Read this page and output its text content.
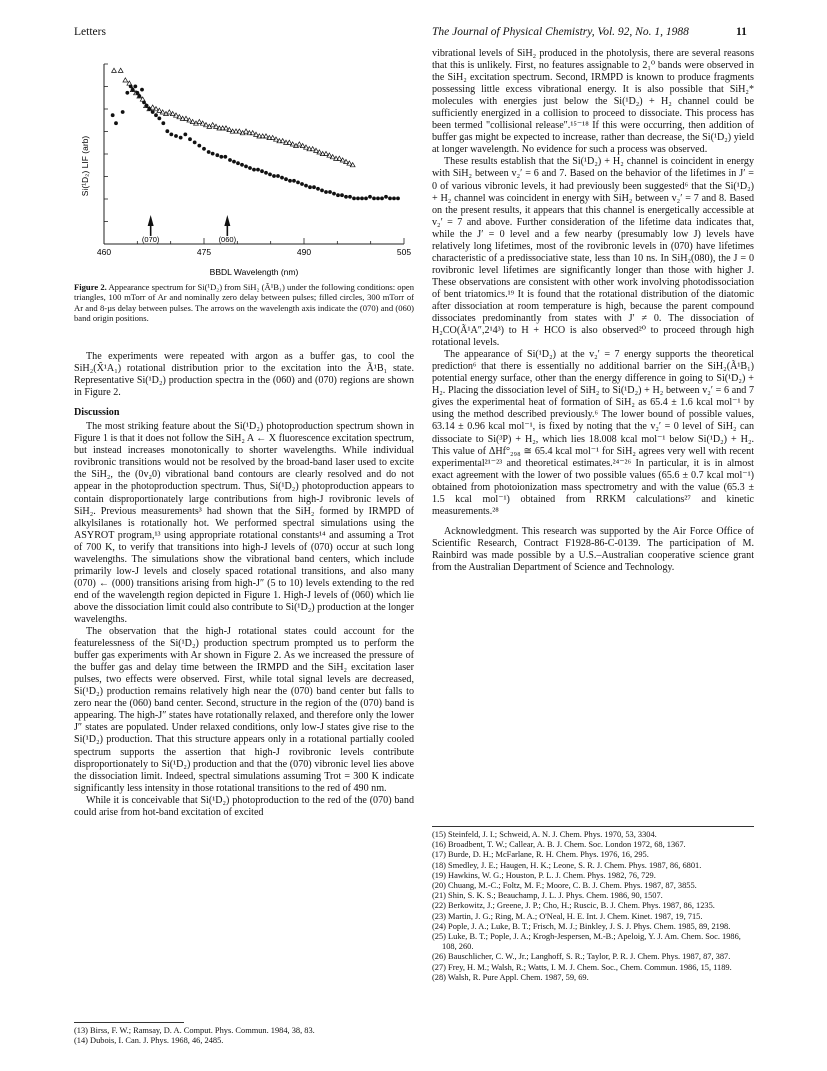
Letters	The Journal of Physical Chemistry, Vol. 92, No. 1, 1988	11
460	475	490	505
(070)	(060)
Si(¹D₂) LIF (arb)
BBDL Wavelength (nm)
Figure 2. Appearance spectrum for Si(¹D₂) from SiH₂ (Ã¹B₁) under the following conditions: open triangles, 100 mTorr of Ar and nominally zero delay between pulses; filled circles, 300 mTorr of Ar and 8-µs delay between pulses. The arrows on the wavelength axis indicate the (070) and (060) band origin positions.

The experiments were repeated with argon as a buffer gas, to cool the SiH₂(X̃¹A₁) rotational distribution prior to the excitation into the Ã¹B₁ state. Representative Si(¹D₂) production spectra in the (060) and (070) regions are shown in Figure 2.

Discussion

The most striking feature about the Si(¹D₂) photoproduction spectrum shown in Figure 1 is that it does not follow the SiH₂ A ← X fluorescence excitation spectrum, but instead increases monotonically to shorter wavelengths. While individual rovibronic transitions would not be resolved by the broad-band laser used to excite the SiH₂, the (0v₂0) vibrational band contours are clearly resolved and do not appear in the photoproduction spectrum. Thus, Si(¹D₂) photoproduction appears to contain disproportionately large contributions from high-J rovibronic levels of SiH₂. Previous measurements³ had shown that the SiH₂ formed by IRMPD of alkylsilanes is rotationally hot. We performed spectral simulations using the ASYROT program,¹³ using appropriate rotational constants¹⁴ and assuming a Trot of 700 K, to verify that transitions into high-J levels of (070) occur at such long wavelengths. The simulations show the vibrational band centers, which include primarily low-J levels and closely spaced rotational transitions, and also many (070) ← (000) transitions arising from high-J″ (5 to 10) levels extending to the red end of the wavelength region depicted in Figure 1. High-J levels of (060) which lie above the dissociation limit could also contribute to Si(¹D₂) production at the longer wavelengths.

The observation that the high-J rotational states could account for the featurelessness of the Si(¹D₂) production spectrum prompted us to perform the buffer gas experiments with Ar shown in Figure 2. As we increased the pressure of the buffer gas and delay time between the IRMPD and the SiH₂ excitation laser pulses, two effects were observed. First, while total signal levels are decreased, Si(¹D₂) production remains relatively high near the (070) band center but falls to zero near the (060) band center. Second, structure in the region of the (070) band is appearing. The high-J″ states have rotationally relaxed, and therefore only the lower J″ states are populated. Under relaxed conditions, only low-J states give rise to the Si(¹D₂) production. That this structure appears only in a rotational partially cooled spectrum supports the assertion that high-J rovibronic levels contribute disproportionately to Si(¹D₂) production and that the (070) vibronic level lies above the dissociation limit. Indeed, spectral simulations assuming Trot = 300 K indicate significantly less intensity in those rotational transitions to the red of 490 nm.

While it is conceivable that Si(¹D₂) photoproduction to the red of the (070) band could arise from hot-band excitation of excited

(13) Birss, F. W.; Ramsay, D. A. Comput. Phys. Commun. 1984, 38, 83.
(14) Dubois, I. Can. J. Phys. 1968, 46, 2485.

vibrational levels of SiH₂ produced in the photolysis, there are several reasons that this is unlikely. First, no features assignable to 2₁⁰ bands were observed in the SiH₂ excitation spectrum. Second, IRMPD is known to produce fragments possessing little excess vibrational energy. It is also possible that SiH₂* molecules with energies just below the Si(¹D₂) + H₂ channel could be sufficiently energized in a collision to proceed to dissociate. This process has been termed "collisional release".¹⁵⁻¹⁸ If this were occurring, then addition of buffer gas might be expected to increase, rather than decrease, the Si(¹D₂) yield at longer wavelength. No evidence for such a process was observed.

These results establish that the Si(¹D₂) + H₂ channel is coincident in energy with SiH₂ between v₂′ = 6 and 7. Based on the behavior of the lifetimes in J′ = 0 of various vibronic levels, it had previously been suggested⁶ that the Si(¹D₂) + H₂ channel was coincident in energy with SiH₂ between v₂′ = 7 and 8. Based on the present results, it appears that this channel is energetically accessible at v₂′ = 7 and above. Further consideration of the lifetime data indicates that, while the J′ = 0 level and a few nearby (presumably low J) levels have relatively long lifetimes, most of the rovibronic levels in (070) have lifetimes characteristic of a predissociative state, less than 10 ns. In SiH₂(080), the J = 0 rovibronic level lifetimes are significantly longer than those with higher J. These observations are consistent with other work involving photodissociation of bent triatomics.¹⁹ It is found that the rotational distribution of the diatomic after dissociation at room temperature is high, because the parent compound dissociates predominantly from states with J′ ≠ 0. The dissociation of H₂CO(Ã¹A″,2¹4³) to H + HCO is also observed²⁰ to proceed through high rotational levels.

The appearance of Si(¹D₂) at the v₂′ = 7 energy supports the theoretical prediction⁶ that there is essentially no additional barrier on the SiH₂(Ã¹B₁) potential energy surface, other than the energy difference in going to Si(¹D₂) + H₂. Placing the dissociation level of SiH₂ to Si(¹D₂) + H₂ between v₂′ = 6 and 7 gives the experimental heat of formation of SiH₂ as 65.4 ± 1.6 kcal mol⁻¹ by using the method described previously.⁶ The lower bound of possible values, 63.14 ± 0.96 kcal mol⁻¹, is fixed by noting that the v₂′ = 0 level of SiH₂ can dissociate to Si(³P) + H₂, which lies 18.008 kcal mol⁻¹ below Si(¹D₂) + H₂. This value of ΔHf°₂₉₈ ≅ 65.4 kcal mol⁻¹ for SiH₂ agrees very well with recent experimental²¹⁻²³ and theoretical estimates.²⁴⁻²⁶ In particular, it is in almost exact agreement with the lower of two possible values (65.6 ± 0.7 kcal mol⁻¹) obtained from photoionization mass spectrometry and with the value (65.3 ± 1.5 kcal mol⁻¹) obtained from RRKM calculations²⁷ and kinetic measurements.²⁸

Acknowledgment. This research was supported by the Air Force Office of Scientific Research, Contract F1928-86-C-0139. The participation of M. Rainbird was made possible by a U.S.–Australian cooperative science grant from the Australian Department of Science and Technology.

(15) Steinfeld, J. I.; Schweid, A. N. J. Chem. Phys. 1970, 53, 3304.
(16) Broadbent, T. W.; Callear, A. B. J. Chem. Soc. London 1972, 68, 1367.
(17) Burde, D. H.; McFarlane, R. H. Chem. Phys. 1976, 16, 295.
(18) Smedley, J. E.; Haugen, H. K.; Leone, S. R. J. Chem. Phys. 1987, 86, 6801.
(19) Hawkins, W. G.; Houston, P. L. J. Chem. Phys. 1982, 76, 729.
(20) Chuang, M.-C.; Foltz, M. F.; Moore, C. B. J. Chem. Phys. 1987, 87, 3855.
(21) Shin, S. K. S.; Beauchamp, J. L. J. Phys. Chem. 1986, 90, 1507.
(22) Berkowitz, J.; Greene, J. P.; Cho, H.; Ruscic, B. J. Chem. Phys. 1987, 86, 1235.
(23) Martin, J. G.; Ring, M. A.; O'Neal, H. E. Int. J. Chem. Kinet. 1987, 19, 715.
(24) Pople, J. A.; Luke, B. T.; Frisch, M. J.; Binkley, J. S. J. Phys. Chem. 1985, 89, 2198.
(25) Luke, B. T.; Pople, J. A.; Krogh-Jespersen, M.-B.; Apeloig, Y. J. Am. Chem. Soc. 1986, 108, 260.
(26) Bauschlicher, C. W., Jr.; Langhoff, S. R.; Taylor, P. R. J. Chem. Phys. 1987, 87, 387.
(27) Frey, H. M.; Walsh, R.; Watts, I. M. J. Chem. Soc., Chem. Commun. 1986, 15, 1189.
(28) Walsh, R. Pure Appl. Chem. 1987, 59, 69.
